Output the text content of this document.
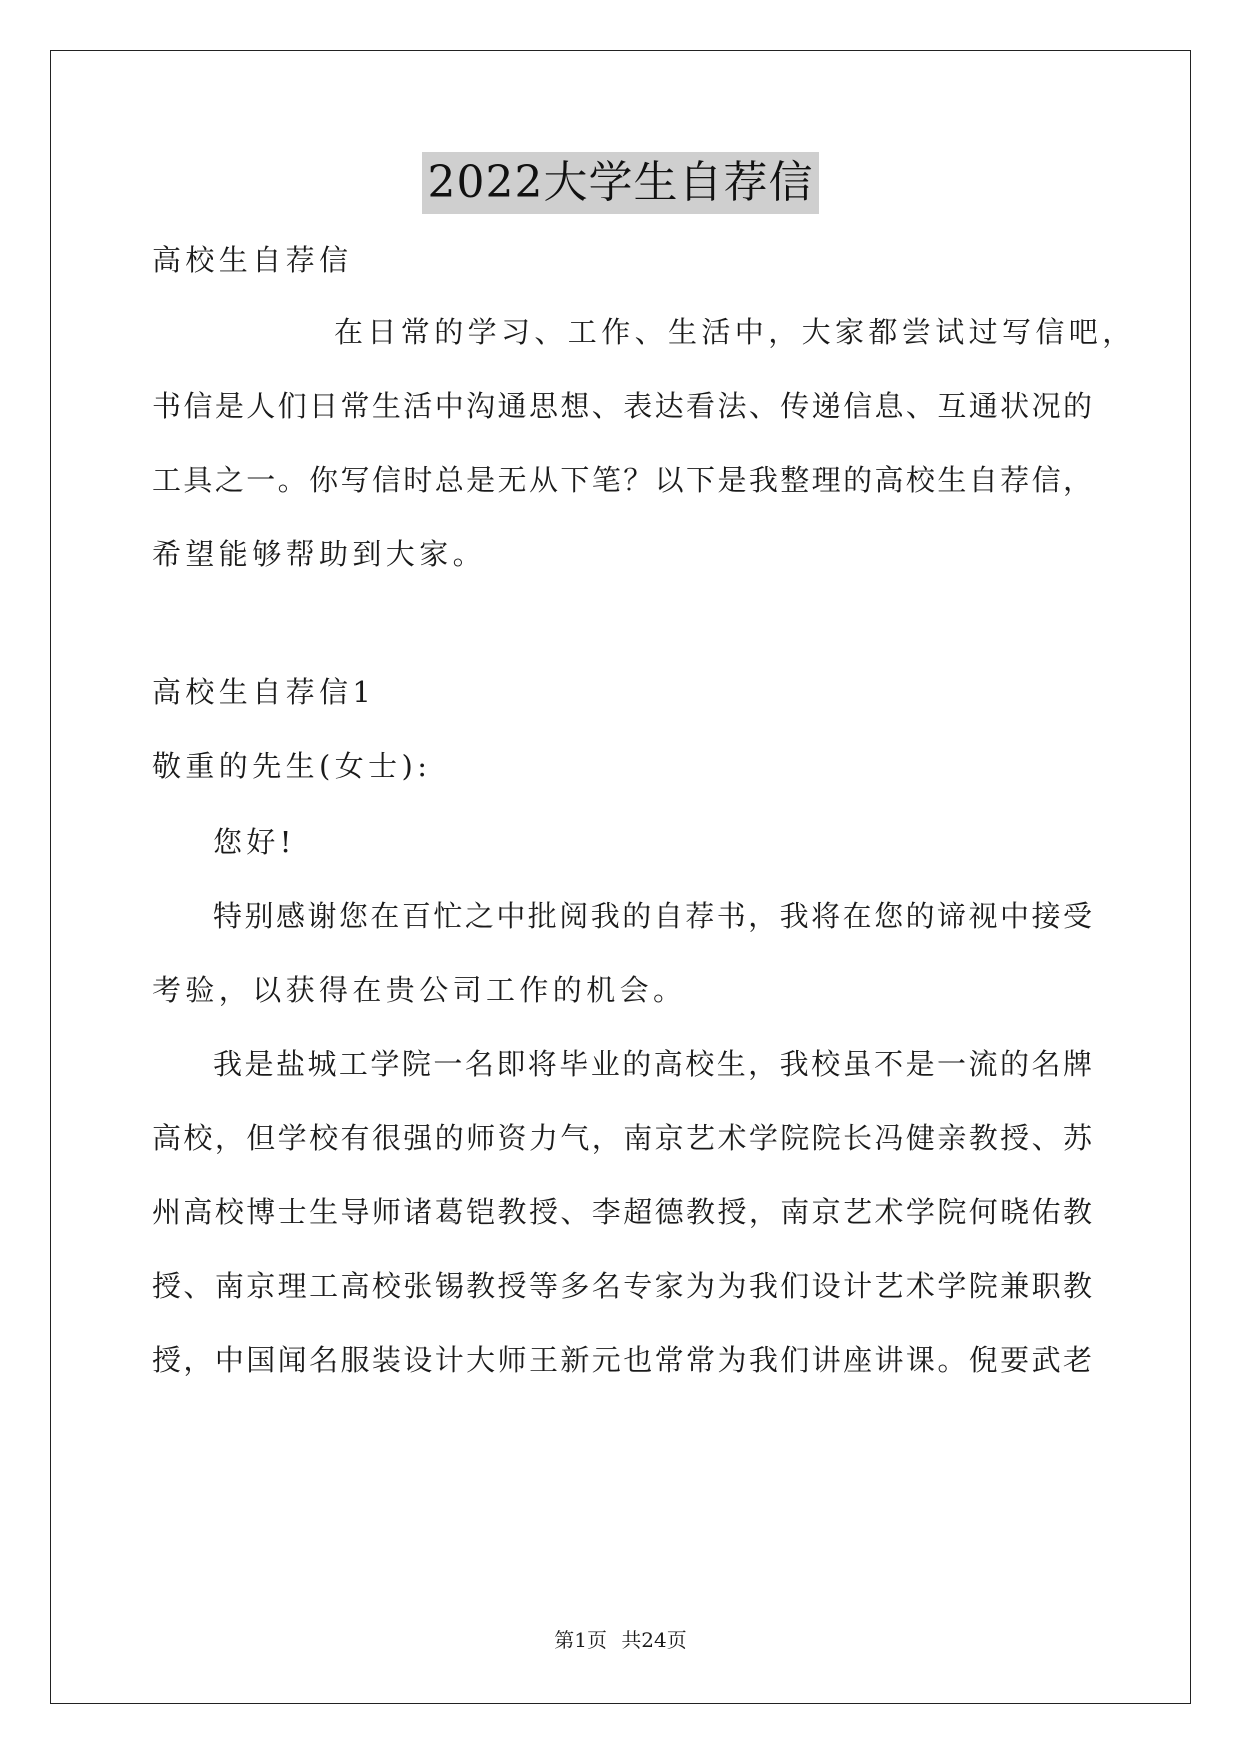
2022大学生自荐信
高校生自荐信
在日常的学习、工作、生活中，大家都尝试过写信吧，
书信是人们日常生活中沟通思想、表达看法、传递信息、互通状况的
工具之一。你写信时总是无从下笔？以下是我整理的高校生自荐信，
希望能够帮助到大家。
高校生自荐信1
敬重的先生(女士):
您好!
特别感谢您在百忙之中批阅我的自荐书，我将在您的谛视中接受
考验，以获得在贵公司工作的机会。
我是盐城工学院一名即将毕业的高校生，我校虽不是一流的名牌
高校，但学校有很强的师资力气，南京艺术学院院长冯健亲教授、苏
州高校博士生导师诸葛铠教授、李超德教授，南京艺术学院何晓佑教
授、南京理工高校张锡教授等多名专家为为我们设计艺术学院兼职教
授，中国闻名服装设计大师王新元也常常为我们讲座讲课。倪要武老
第1页 共24页
